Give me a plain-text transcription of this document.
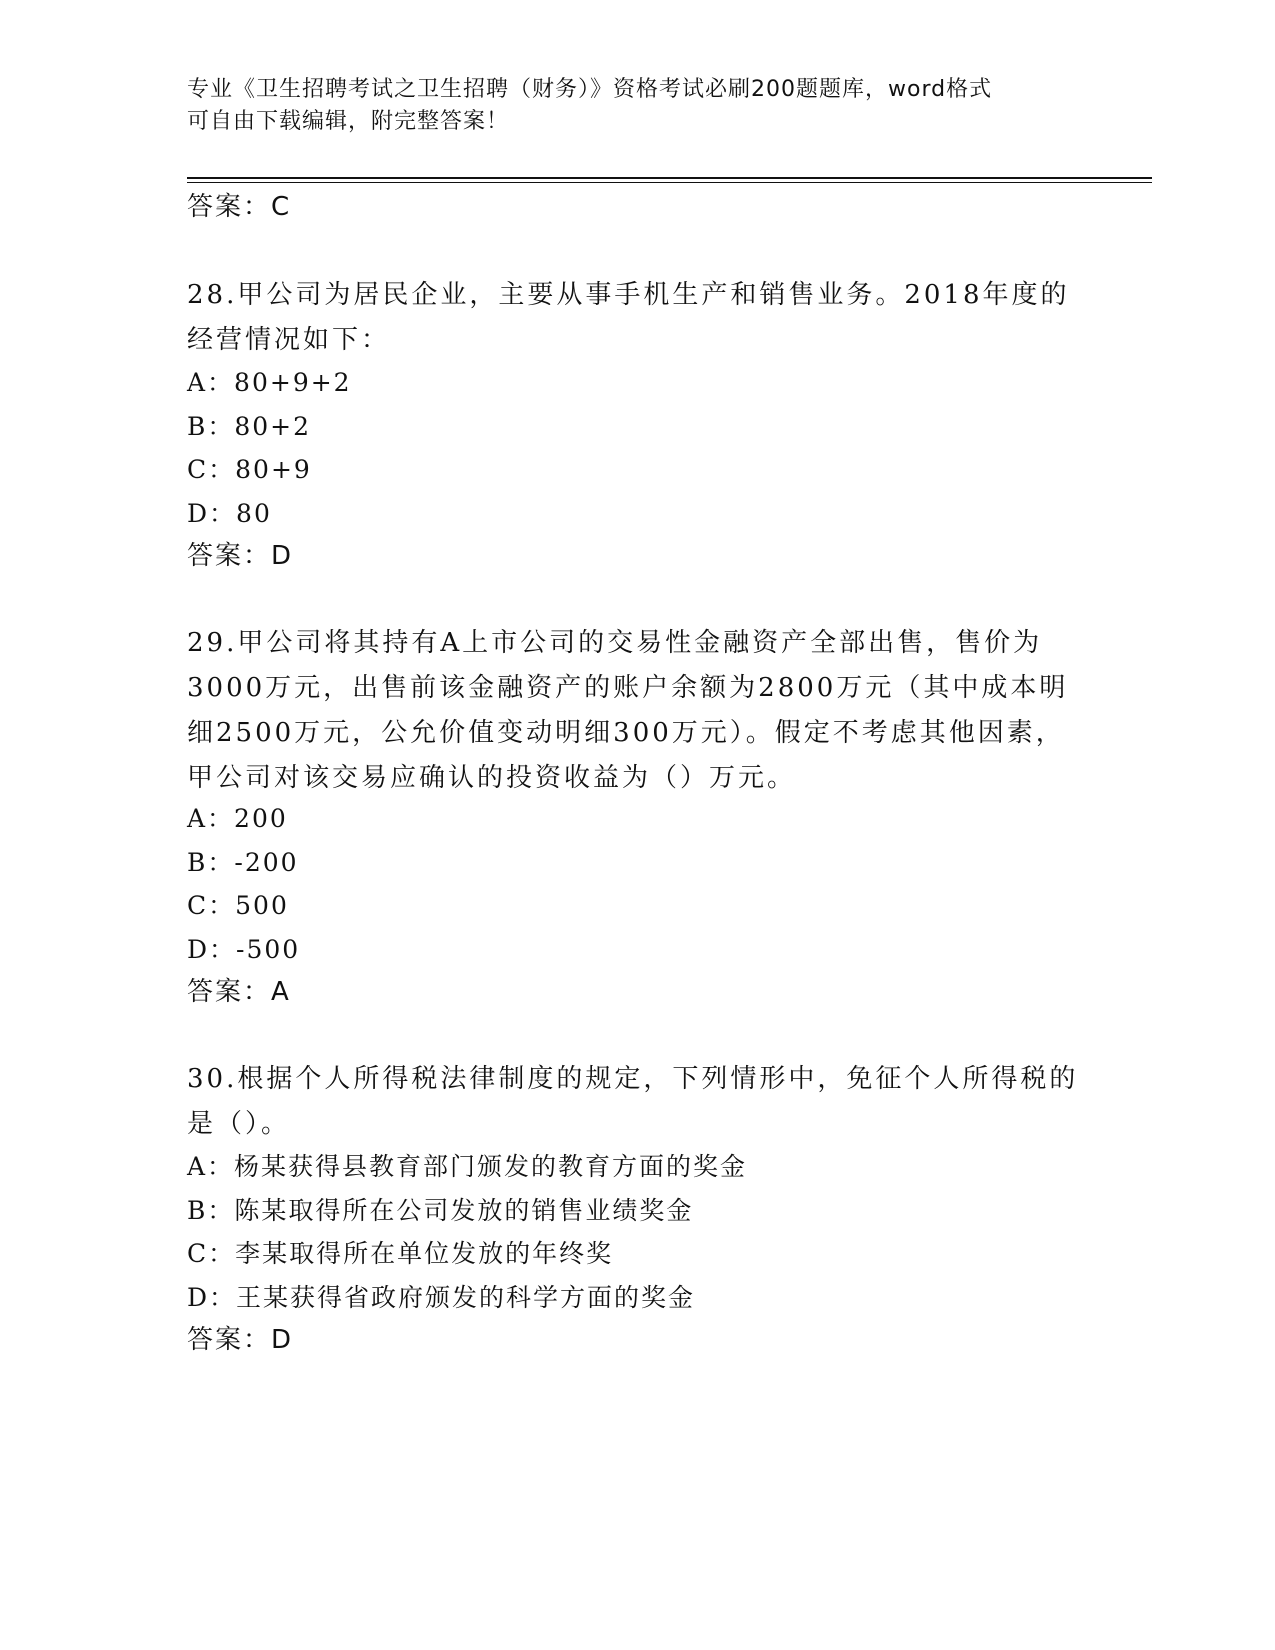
专业《卫生招聘考试之卫生招聘（财务）》资格考试必刷200题题库，word格式
可自由下载编辑，附完整答案！
答案：C
28.甲公司为居民企业，主要从事手机生产和销售业务。2018年度的经营情况如下：
A：80+9+2
B：80+2
C：80+9
D：80
答案：D
29.甲公司将其持有A上市公司的交易性金融资产全部出售，售价为3000万元，出售前该金融资产的账户余额为2800万元（其中成本明细2500万元，公允价值变动明细300万元）。假定不考虑其他因素，甲公司对该交易应确认的投资收益为（）万元。
A：200
B：-200
C：500
D：-500
答案：A
30.根据个人所得税法律制度的规定，下列情形中，免征个人所得税的是（）。
A：杨某获得县教育部门颁发的教育方面的奖金
B：陈某取得所在公司发放的销售业绩奖金
C：李某取得所在单位发放的年终奖
D：王某获得省政府颁发的科学方面的奖金
答案：D
